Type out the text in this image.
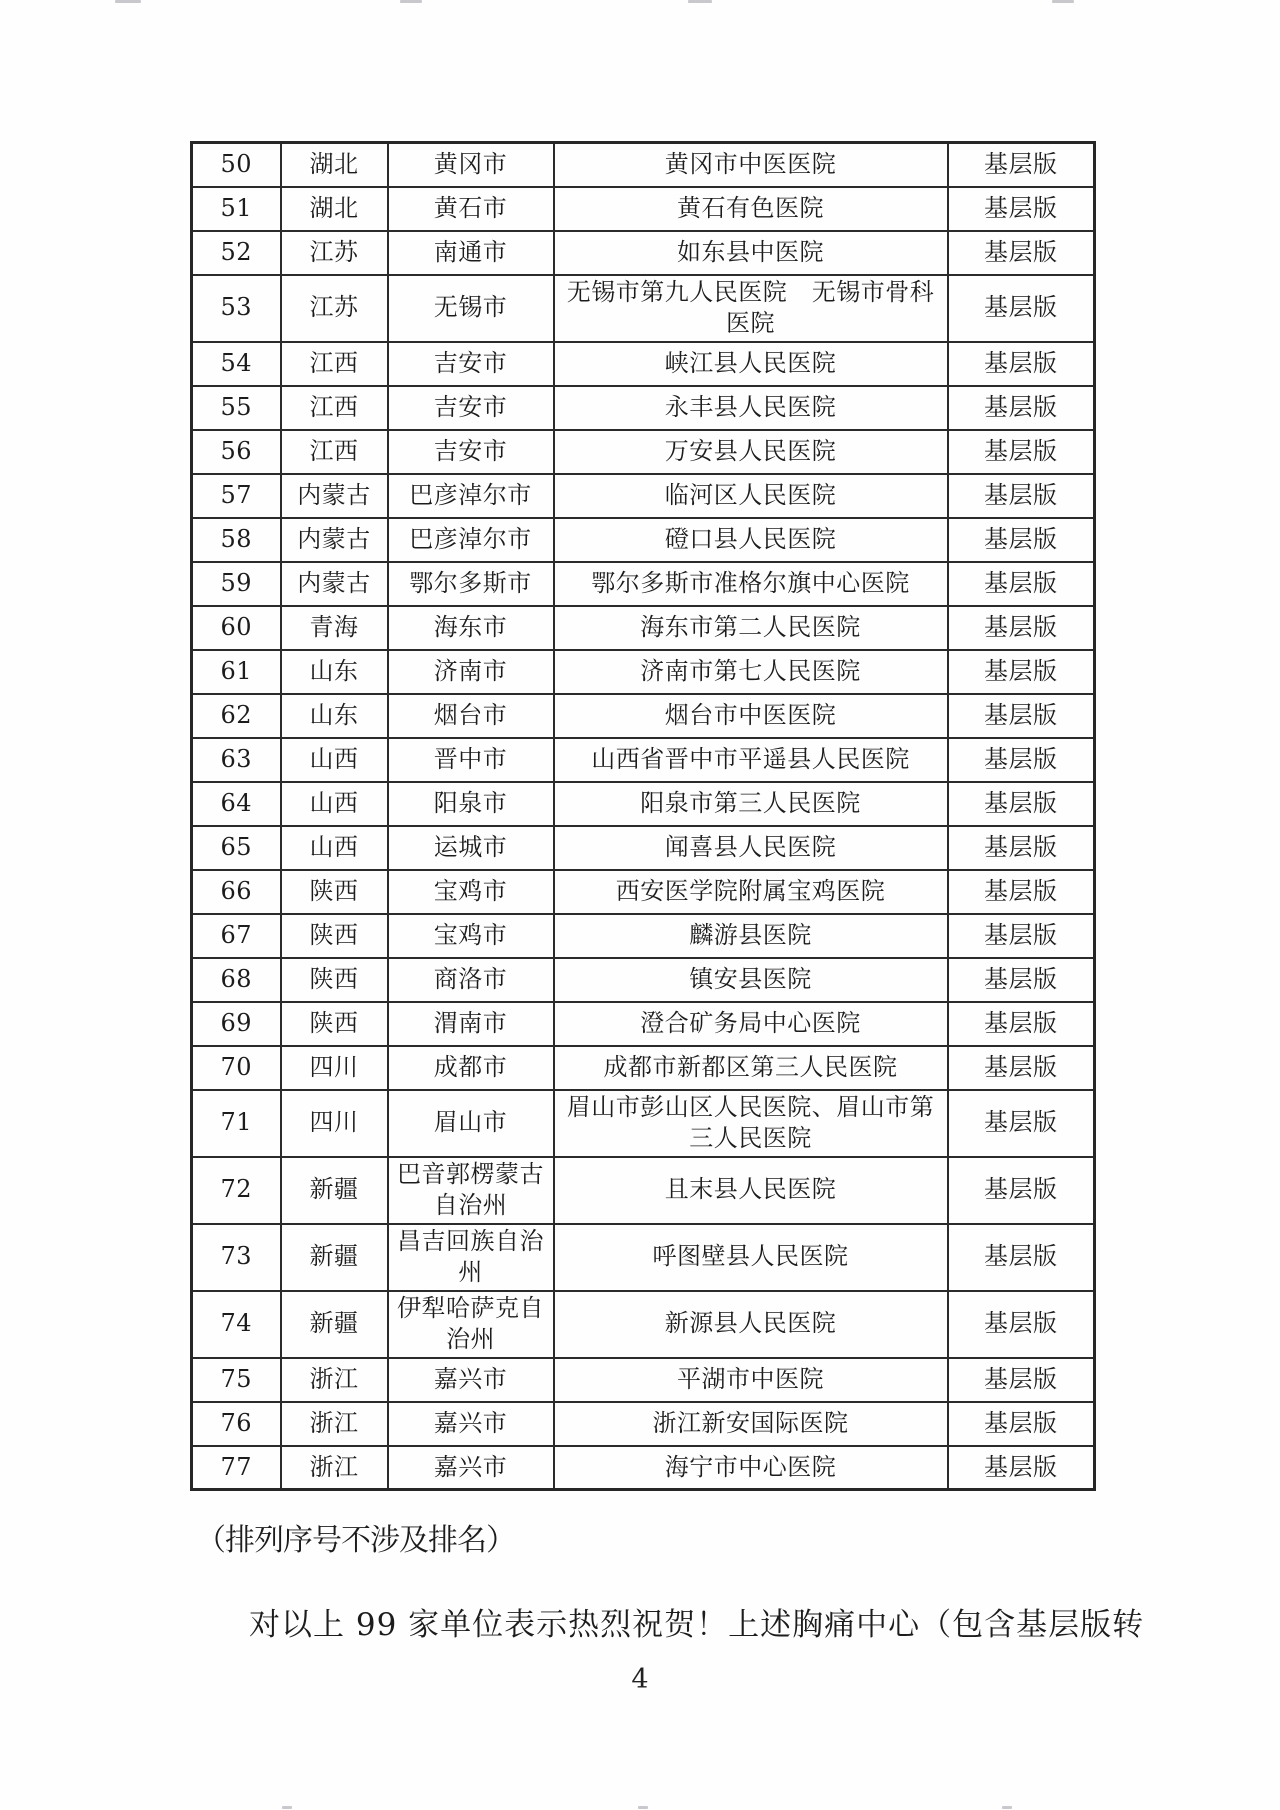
50	湖北	黄冈市	黄冈市中医医院	基层版
51	湖北	黄石市	黄石有色医院	基层版
52	江苏	南通市	如东县中医院	基层版
53	江苏	无锡市	无锡市第九人民医院　无锡市骨科医院	基层版
54	江西	吉安市	峡江县人民医院	基层版
55	江西	吉安市	永丰县人民医院	基层版
56	江西	吉安市	万安县人民医院	基层版
57	内蒙古	巴彦淖尔市	临河区人民医院	基层版
58	内蒙古	巴彦淖尔市	磴口县人民医院	基层版
59	内蒙古	鄂尔多斯市	鄂尔多斯市准格尔旗中心医院	基层版
60	青海	海东市	海东市第二人民医院	基层版
61	山东	济南市	济南市第七人民医院	基层版
62	山东	烟台市	烟台市中医医院	基层版
63	山西	晋中市	山西省晋中市平遥县人民医院	基层版
64	山西	阳泉市	阳泉市第三人民医院	基层版
65	山西	运城市	闻喜县人民医院	基层版
66	陕西	宝鸡市	西安医学院附属宝鸡医院	基层版
67	陕西	宝鸡市	麟游县医院	基层版
68	陕西	商洛市	镇安县医院	基层版
69	陕西	渭南市	澄合矿务局中心医院	基层版
70	四川	成都市	成都市新都区第三人民医院	基层版
71	四川	眉山市	眉山市彭山区人民医院、眉山市第三人民医院	基层版
72	新疆	巴音郭楞蒙古自治州	且末县人民医院	基层版
73	新疆	昌吉回族自治州	呼图壁县人民医院	基层版
74	新疆	伊犁哈萨克自治州	新源县人民医院	基层版
75	浙江	嘉兴市	平湖市中医院	基层版
76	浙江	嘉兴市	浙江新安国际医院	基层版
77	浙江	嘉兴市	海宁市中心医院	基层版
（排列序号不涉及排名）
对以上 99 家单位表示热烈祝贺！上述胸痛中心（包含基层版转
4
